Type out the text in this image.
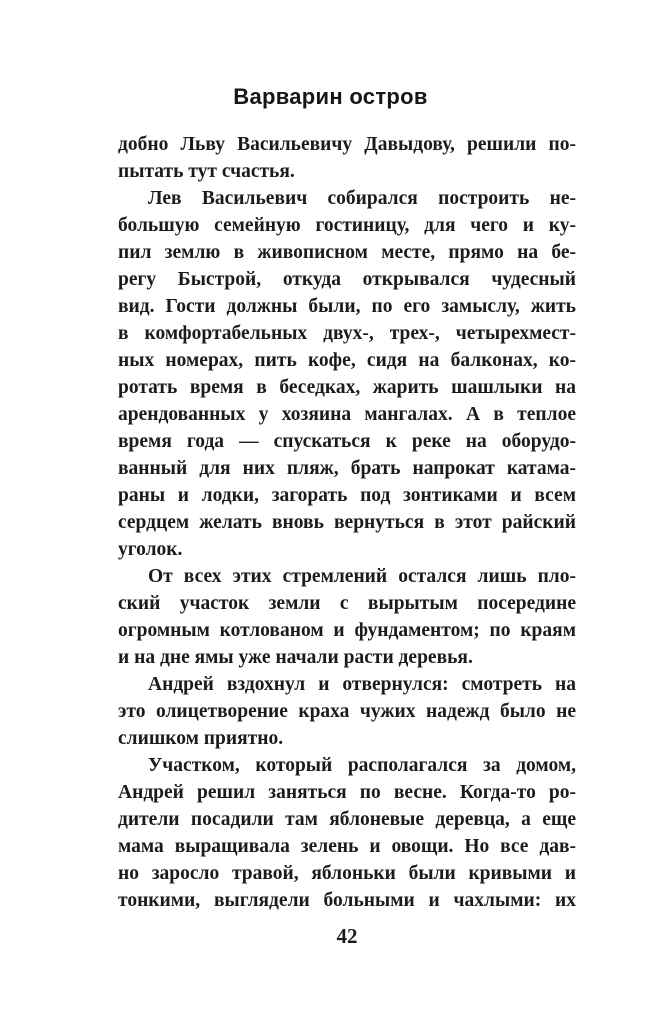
Варварин остров
добно Льву Васильевичу Давыдову, решили по-
пытать тут счастья.
Лев Васильевич собирался построить не-
большую семейную гостиницу, для чего и ку-
пил землю в живописном месте, прямо на бе-
регу Быстрой, откуда открывался чудесный
вид. Гости должны были, по его замыслу, жить
в комфортабельных двух-, трех-, четырехмест-
ных номерах, пить кофе, сидя на балконах, ко-
ротать время в беседках, жарить шашлыки на
арендованных у хозяина мангалах. А в теплое
время года — спускаться к реке на оборудо-
ванный для них пляж, брать напрокат катама-
раны и лодки, загорать под зонтиками и всем
сердцем желать вновь вернуться в этот райский
уголок.
От всех этих стремлений остался лишь пло-
ский участок земли с вырытым посередине
огромным котлованом и фундаментом; по краям
и на дне ямы уже начали расти деревья.
Андрей вздохнул и отвернулся: смотреть на
это олицетворение краха чужих надежд было не
слишком приятно.
Участком, который располагался за домом,
Андрей решил заняться по весне. Когда-то ро-
дители посадили там яблоневые деревца, а еще
мама выращивала зелень и овощи. Но все дав-
но заросло травой, яблоньки были кривыми и
тонкими, выглядели больными и чахлыми: их
42
